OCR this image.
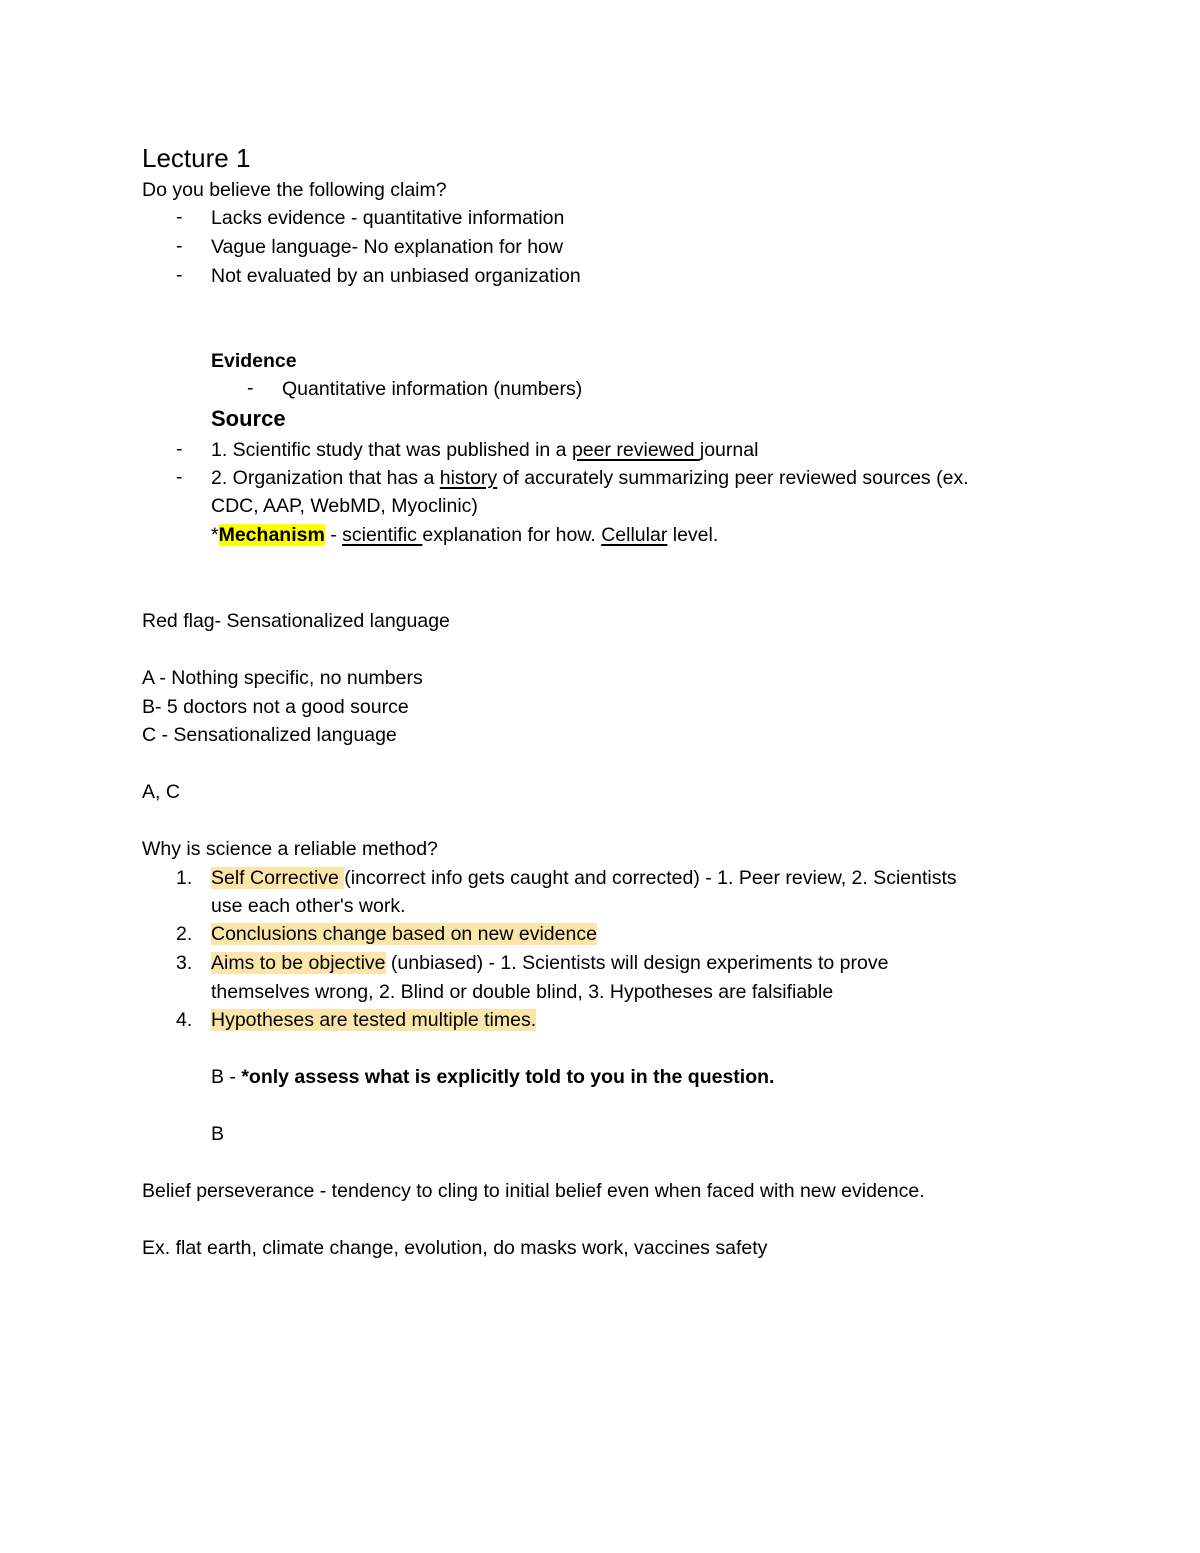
Lecture 1
Do you believe the following claim?
- Lacks evidence - quantitative information
- Vague language- No explanation for how
- Not evaluated by an unbiased organization
Evidence
- Quantitative information (numbers)
Source
- 1. Scientific study that was published in a peer reviewed journal
- 2. Organization that has a history of accurately summarizing peer reviewed sources (ex.
CDC, AAP, WebMD, Myoclinic)
*Mechanism - scientific explanation for how. Cellular level.
Red flag- Sensationalized language
A - Nothing specific, no numbers
B- 5 doctors not a good source
C - Sensationalized language
A, C
Why is science a reliable method?
1. Self Corrective (incorrect info gets caught and corrected) - 1. Peer review, 2. Scientists
use each other's work.
2. Conclusions change based on new evidence
3. Aims to be objective (unbiased) - 1. Scientists will design experiments to prove
themselves wrong, 2. Blind or double blind, 3. Hypotheses are falsifiable
4. Hypotheses are tested multiple times.
B - *only assess what is explicitly told to you in the question.
B
Belief perseverance - tendency to cling to initial belief even when faced with new evidence.
Ex. flat earth, climate change, evolution, do masks work, vaccines safety
